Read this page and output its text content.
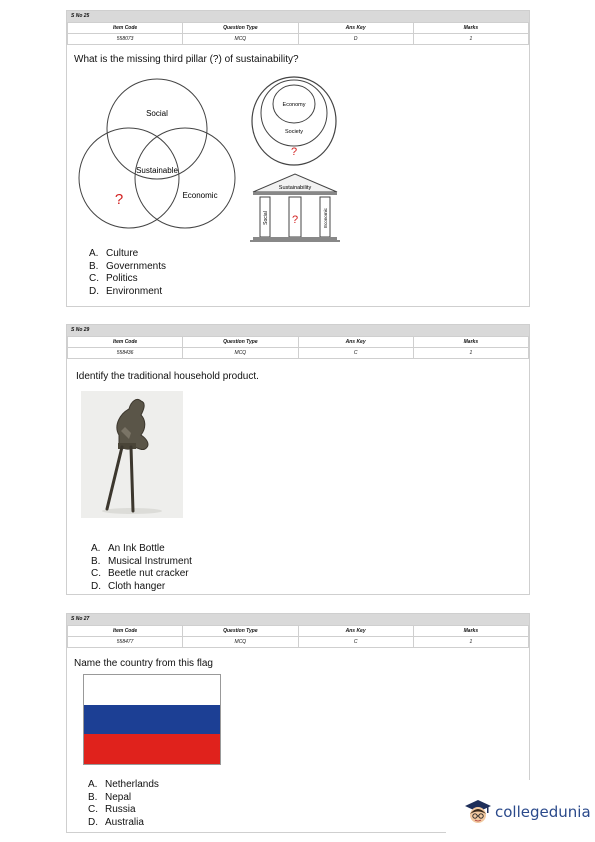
S No 25
Item Code	Question Type	Ans Key	Marks
558073	MCQ	D	1
What is the missing third pillar (?) of sustainability?
Social
Sustainable
Economic
?
Economy
Society
?
Sustainability
Social ?	Economic
A. Culture
B. Governments
C. Politics
D. Environment
S No 29
Item Code	Question Type	Ans Key	Marks
558436	MCQ	C	1
Identify the traditional household product.
A. An Ink Bottle
B. Musical Instrument
C. Beetle nut cracker
D. Cloth hanger
S No 27
Item Code	Question Type	Ans Key	Marks
558477	MCQ	C	1
Name the country from this flag
A. Netherlands
B. Nepal
C. Russia
D. Australia
collegedunia
